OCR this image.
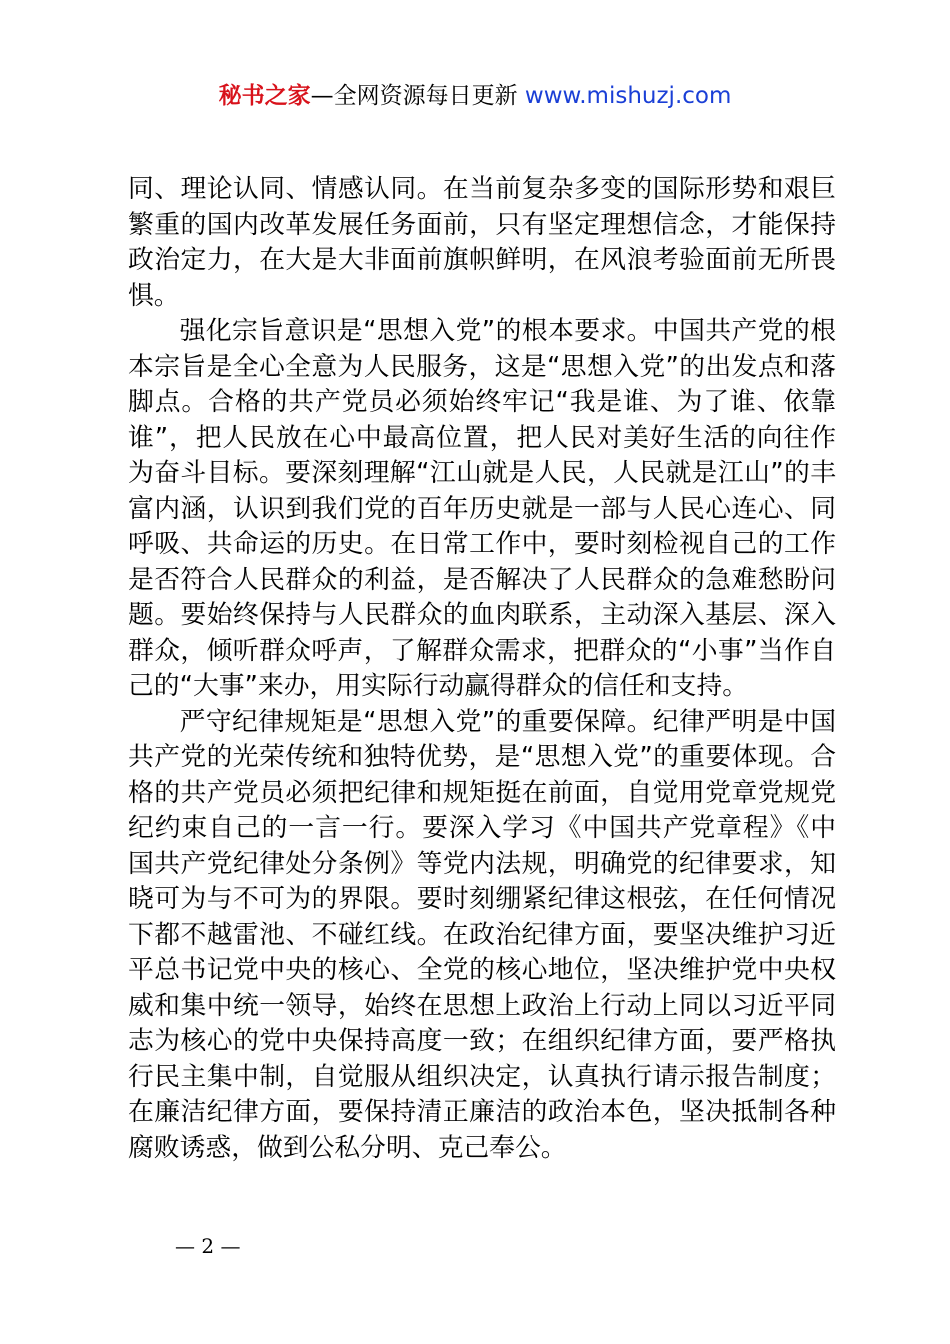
秘书之家—全网资源每日更新 www.mishuzj.com

同、理论认同、情感认同。在当前复杂多变的国际形势和艰巨繁重的国内改革发展任务面前，只有坚定理想信念，才能保持政治定力，在大是大非面前旗帜鲜明，在风浪考验面前无所畏惧。

强化宗旨意识是“思想入党”的根本要求。中国共产党的根本宗旨是全心全意为人民服务，这是“思想入党”的出发点和落脚点。合格的共产党员必须始终牢记“我是谁、为了谁、依靠谁”，把人民放在心中最高位置，把人民对美好生活的向往作为奋斗目标。要深刻理解“江山就是人民，人民就是江山”的丰富内涵，认识到我们党的百年历史就是一部与人民心连心、同呼吸、共命运的历史。在日常工作中，要时刻检视自己的工作是否符合人民群众的利益，是否解决了人民群众的急难愁盼问题。要始终保持与人民群众的血肉联系，主动深入基层、深入群众，倾听群众呼声，了解群众需求，把群众的“小事”当作自己的“大事”来办，用实际行动赢得群众的信任和支持。

严守纪律规矩是“思想入党”的重要保障。纪律严明是中国共产党的光荣传统和独特优势，是“思想入党”的重要体现。合格的共产党员必须把纪律和规矩挺在前面，自觉用党章党规党纪约束自己的一言一行。要深入学习《中国共产党章程》《中国共产党纪律处分条例》等党内法规，明确党的纪律要求，知晓可为与不可为的界限。要时刻绷紧纪律这根弦，在任何情况下都不越雷池、不碰红线。在政治纪律方面，要坚决维护习近平总书记党中央的核心、全党的核心地位，坚决维护党中央权威和集中统一领导，始终在思想上政治上行动上同以习近平同志为核心的党中央保持高度一致；在组织纪律方面，要严格执行民主集中制，自觉服从组织决定，认真执行请示报告制度；在廉洁纪律方面，要保持清正廉洁的政治本色，坚决抵制各种腐败诱惑，做到公私分明、克己奉公。

— 2 —
